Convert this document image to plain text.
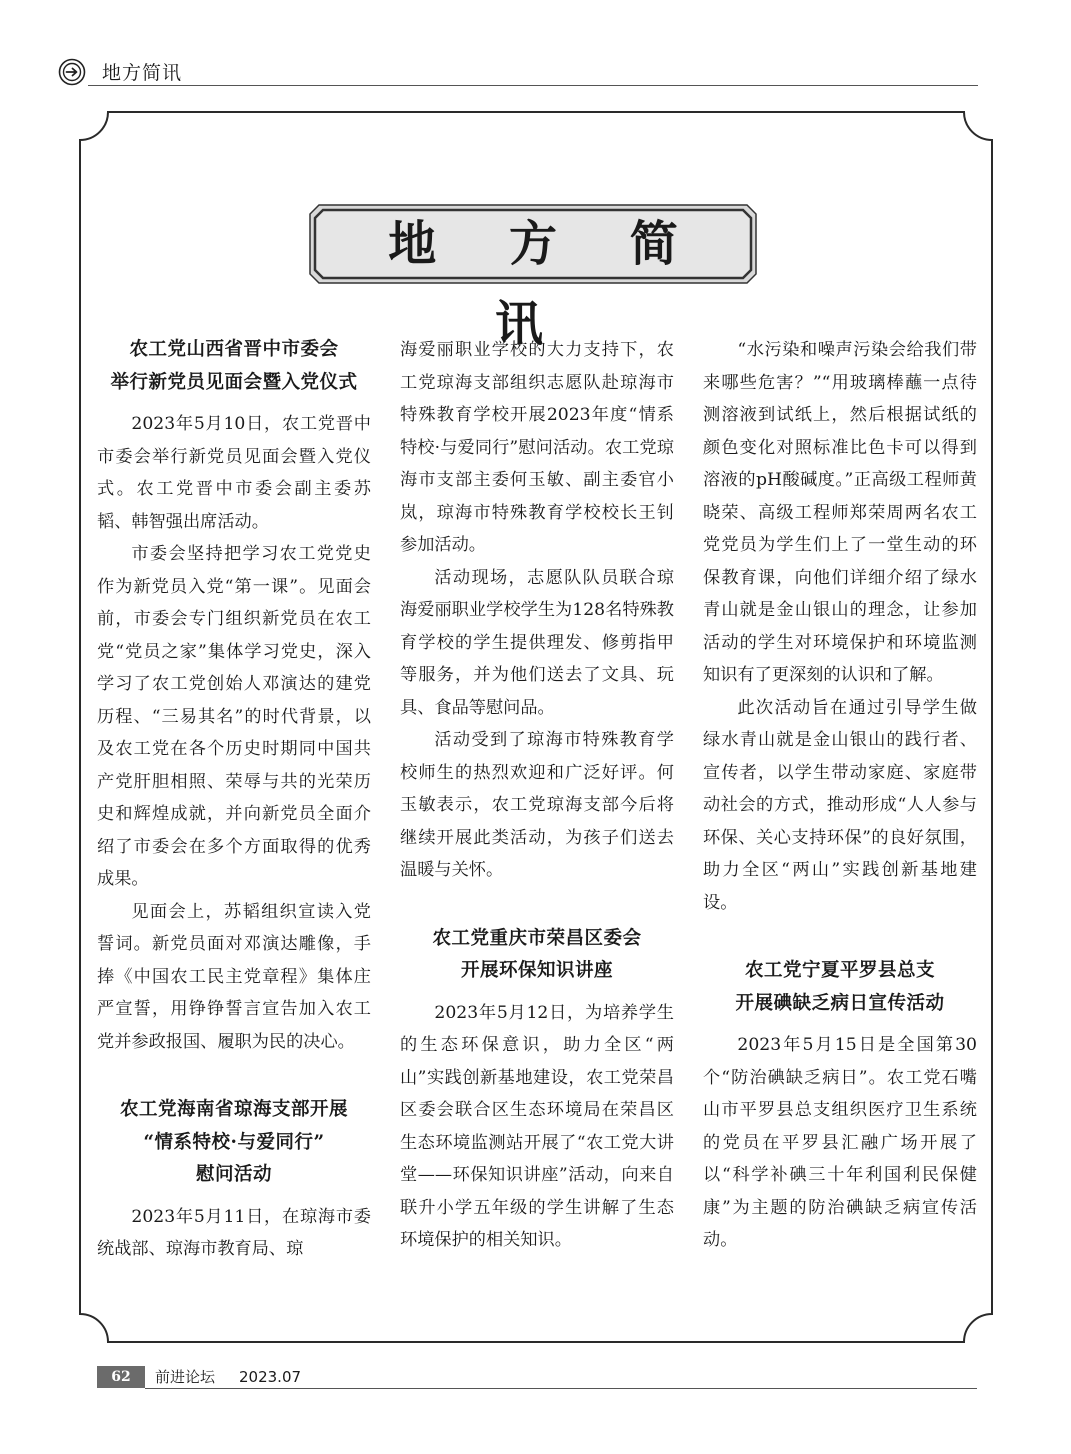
地方简讯
地 方 简 讯
农工党山西省晋中市委会
举行新党员见面会暨入党仪式

2023年5月10日，农工党晋中市委会举行新党员见面会暨入党仪式。农工党晋中市委会副主委苏韬、韩智强出席活动。

市委会坚持把学习农工党党史作为新党员入党“第一课”。见面会前，市委会专门组织新党员在农工党“党员之家”集体学习党史，深入学习了农工党创始人邓演达的建党历程、“三易其名”的时代背景，以及农工党在各个历史时期同中国共产党肝胆相照、荣辱与共的光荣历史和辉煌成就，并向新党员全面介绍了市委会在多个方面取得的优秀成果。

见面会上，苏韬组织宣读入党誓词。新党员面对邓演达雕像，手捧《中国农工民主党章程》集体庄严宣誓，用铮铮誓言宣告加入农工党并参政报国、履职为民的决心。

农工党海南省琼海支部开展
“情系特校·与爱同行”
慰问活动

2023年5月11日，在琼海市委统战部、琼海市教育局、琼

海爱丽职业学校的大力支持下，农工党琼海支部组织志愿队赴琼海市特殊教育学校开展2023年度“情系特校·与爱同行”慰问活动。农工党琼海市支部主委何玉敏、副主委官小岚，琼海市特殊教育学校校长王钊参加活动。

活动现场，志愿队队员联合琼海爱丽职业学校学生为128名特殊教育学校的学生提供理发、修剪指甲等服务，并为他们送去了文具、玩具、食品等慰问品。

活动受到了琼海市特殊教育学校师生的热烈欢迎和广泛好评。何玉敏表示，农工党琼海支部今后将继续开展此类活动，为孩子们送去温暖与关怀。

农工党重庆市荣昌区委会
开展环保知识讲座

2023年5月12日，为培养学生的生态环保意识，助力全区“两山”实践创新基地建设，农工党荣昌区委会联合区生态环境局在荣昌区生态环境监测站开展了“农工党大讲堂——环保知识讲座”活动，向来自联升小学五年级的学生讲解了生态环境保护的相关知识。

“水污染和噪声污染会给我们带来哪些危害？”“用玻璃棒蘸一点待测溶液到试纸上，然后根据试纸的颜色变化对照标准比色卡可以得到溶液的pH酸碱度。”正高级工程师黄晓荣、高级工程师郑荣周两名农工党党员为学生们上了一堂生动的环保教育课，向他们详细介绍了绿水青山就是金山银山的理念，让参加活动的学生对环境保护和环境监测知识有了更深刻的认识和了解。

此次活动旨在通过引导学生做绿水青山就是金山银山的践行者、宣传者，以学生带动家庭、家庭带动社会的方式，推动形成“人人参与环保、关心支持环保”的良好氛围，助力全区“两山”实践创新基地建设。

农工党宁夏平罗县总支
开展碘缺乏病日宣传活动

2023年5月15日是全国第30个“防治碘缺乏病日”。农工党石嘴山市平罗县总支组织医疗卫生系统的党员在平罗县汇融广场开展了以“科学补碘三十年利国利民保健康”为主题的防治碘缺乏病宣传活动。

62	前进论坛 2023.07
